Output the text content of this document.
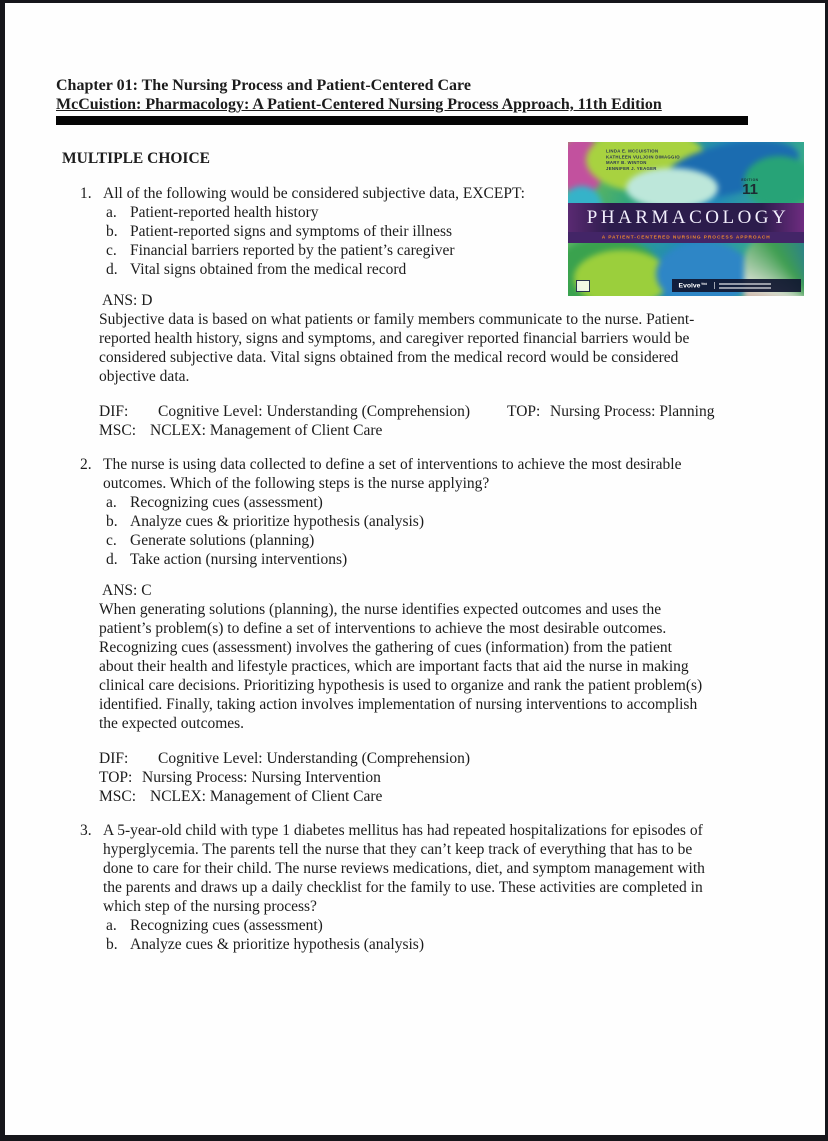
Chapter 01: The Nursing Process and Patient-Centered Care
McCuistion: Pharmacology: A Patient-Centered Nursing Process Approach, 11th Edition
MULTIPLE CHOICE
1. All of the following would be considered subjective data, EXCEPT:
a. Patient-reported health history
b. Patient-reported signs and symptoms of their illness
c. Financial barriers reported by the patient’s caregiver
d. Vital signs obtained from the medical record
ANS: D
Subjective data is based on what patients or family members communicate to the nurse. Patient-
reported health history, signs and symptoms, and caregiver reported financial barriers would be
considered subjective data. Vital signs obtained from the medical record would be considered
objective data.
DIF: Cognitive Level: Understanding (Comprehension) TOP: Nursing Process: Planning
MSC: NCLEX: Management of Client Care
2. The nurse is using data collected to define a set of interventions to achieve the most desirable
outcomes. Which of the following steps is the nurse applying?
a. Recognizing cues (assessment)
b. Analyze cues & prioritize hypothesis (analysis)
c. Generate solutions (planning)
d. Take action (nursing interventions)
ANS: C
When generating solutions (planning), the nurse identifies expected outcomes and uses the
patient’s problem(s) to define a set of interventions to achieve the most desirable outcomes.
Recognizing cues (assessment) involves the gathering of cues (information) from the patient
about their health and lifestyle practices, which are important facts that aid the nurse in making
clinical care decisions. Prioritizing hypothesis is used to organize and rank the patient problem(s)
identified. Finally, taking action involves implementation of nursing interventions to accomplish
the expected outcomes.
DIF: Cognitive Level: Understanding (Comprehension)
TOP: Nursing Process: Nursing Intervention
MSC: NCLEX: Management of Client Care
3. A 5-year-old child with type 1 diabetes mellitus has had repeated hospitalizations for episodes of
hyperglycemia. The parents tell the nurse that they can’t keep track of everything that has to be
done to care for their child. The nurse reviews medications, diet, and symptom management with
the parents and draws up a daily checklist for the family to use. These activities are completed in
which step of the nursing process?
a. Recognizing cues (assessment)
b. Analyze cues & prioritize hypothesis (analysis)
LINDA E. MCCUISTION
KATHLEEN VULJOIN DIMAGGIO
MARY B. WINTON
JENNIFER J. YEAGER
EDITION
11
PHARMACOLOGY
A PATIENT-CENTERED NURSING PROCESS APPROACH
Evolve™
